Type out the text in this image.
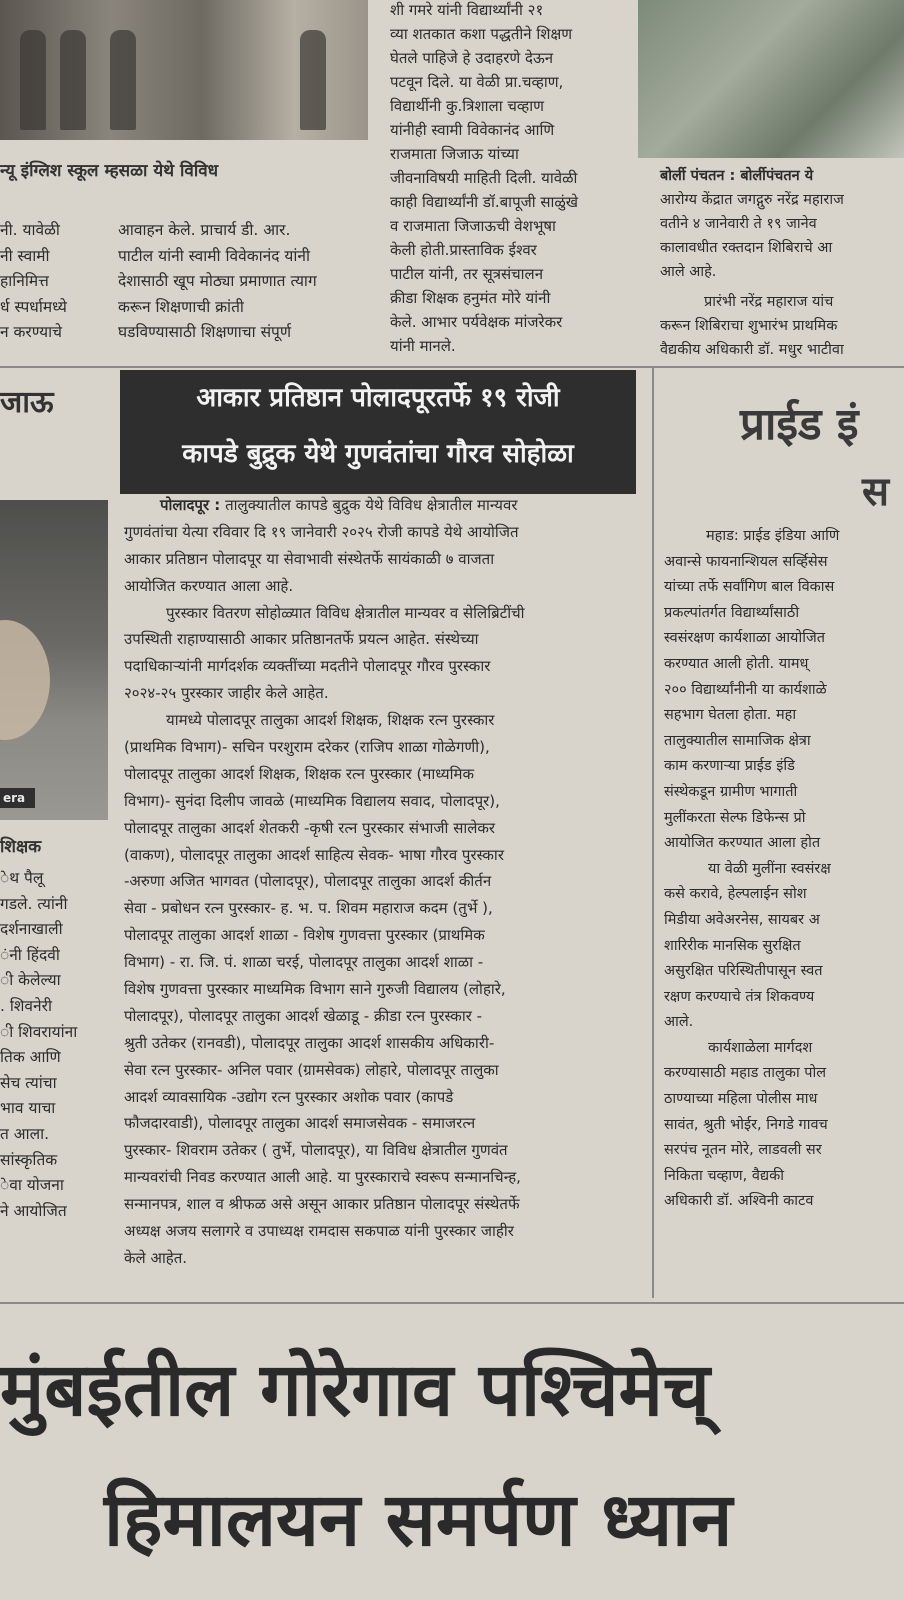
era
न्यू इंग्लिश स्कूल म्हसळा येथे विविध
नी. यावेळी
नी स्वामी
हानिमित्त
र्ध स्पर्धामध्ये
न करण्याचे
आवाहन केले. प्राचार्य डी. आर.
पाटील यांनी स्वामी विवेकानंद यांनी
देशासाठी खूप मोठ्या प्रमाणात त्याग
करून शिक्षणाची क्रांती
घडविण्यासाठी शिक्षणाचा संपूर्ण
शी गमरे यांनी विद्यार्थ्यांनी २१
व्या शतकात कशा पद्धतीने शिक्षण
घेतले पाहिजे हे उदाहरणे देऊन
पटवून दिले. या वेळी प्रा.चव्हाण,
विद्यार्थीनी कु.त्रिशाला चव्हाण
यांनीही स्वामी विवेकानंद आणि
राजमाता जिजाऊ यांच्या
जीवनाविषयी माहिती दिली. यावेळी
काही विद्यार्थ्यांनी डॉ.बापूजी साळुंखे
व राजमाता जिजाऊची वेशभूषा
केली होती.प्रास्ताविक ईश्वर
पाटील यांनी, तर सूत्रसंचालन
क्रीडा शिक्षक हनुमंत मोरे यांनी
केले. आभार पर्यवेक्षक मांजरेकर
यांनी मानले.
बोर्ली पंचतन : बोर्लीपंचतन ये
आरोग्य केंद्रात जगद्गुरु नरेंद्र महाराज
वतीने ४ जानेवारी ते १९ जानेव
कालावधीत रक्तदान शिबिराचे आ
आले आहे.
प्रारंभी नरेंद्र महाराज यांच
करून शिबिराचा शुभारंभ प्राथमिक
वैद्यकीय अधिकारी डॉ. मधुर भाटीवा
जाऊ
शिक्षक
ेथ पैलू
गडले. त्यांनी
दर्शनाखाली
ंनी हिंदवी
ी केलेल्या
. शिवनेरी
ी शिवरायांना
तिक आणि
सेच त्यांचा
भाव याचा
त आला.
सांस्कृतिक
ेवा योजना
ने आयोजित
आकार प्रतिष्ठान पोलादपूरतर्फे १९ रोजी
कापडे बुद्रुक येथे गुणवंतांचा गौरव सोहोळा
पोलादपूर : तालुक्यातील कापडे बुद्रुक येथे विविध क्षेत्रातील मान्यवर
गुणवंतांचा येत्या रविवार दि १९ जानेवारी २०२५ रोजी कापडे येथे आयोजित
आकार प्रतिष्ठान पोलादपूर या सेवाभावी संस्थेतर्फे सायंकाळी ७ वाजता
आयोजित करण्यात आला आहे.
पुरस्कार वितरण सोहोळ्यात विविध क्षेत्रातील मान्यवर व सेलिब्रिटींची
उपस्थिती राहाण्यासाठी आकार प्रतिष्ठानतर्फे प्रयत्न आहेत. संस्थेच्या
पदाधिकाऱ्यांनी मार्गदर्शक व्यक्तींच्या मदतीने पोलादपूर गौरव पुरस्कार
२०२४-२५ पुरस्कार जाहीर केले आहेत.
यामध्ये पोलादपूर तालुका आदर्श शिक्षक, शिक्षक रत्न पुरस्कार
(प्राथमिक विभाग)- सचिन परशुराम दरेकर (राजिप शाळा गोळेगणी),
पोलादपूर तालुका आदर्श शिक्षक, शिक्षक रत्न पुरस्कार (माध्यमिक
विभाग)- सुनंदा दिलीप जावळे (माध्यमिक विद्यालय सवाद, पोलादपूर),
पोलादपूर तालुका आदर्श शेतकरी -कृषी रत्न पुरस्कार संभाजी सालेकर
(वाकण), पोलादपूर तालुका आदर्श साहित्य सेवक- भाषा गौरव पुरस्कार
-अरुणा अजित भागवत (पोलादपूर), पोलादपूर तालुका आदर्श कीर्तन
सेवा - प्रबोधन रत्न पुरस्कार- ह. भ. प. शिवम महाराज कदम (तुर्भे ),
पोलादपूर तालुका आदर्श शाळा - विशेष गुणवत्ता पुरस्कार (प्राथमिक
विभाग) - रा. जि. पं. शाळा चरई, पोलादपूर तालुका आदर्श शाळा -
विशेष गुणवत्ता पुरस्कार माध्यमिक विभाग साने गुरुजी विद्यालय (लोहारे,
पोलादपूर), पोलादपूर तालुका आदर्श खेळाडू - क्रीडा रत्न पुरस्कार -
श्रुती उतेकर (रानवडी), पोलादपूर तालुका आदर्श शासकीय अधिकारी-
सेवा रत्न पुरस्कार- अनिल पवार (ग्रामसेवक) लोहारे, पोलादपूर तालुका
आदर्श व्यावसायिक -उद्योग रत्न पुरस्कार अशोक पवार (कापडे
फौजदारवाडी), पोलादपूर तालुका आदर्श समाजसेवक - समाजरत्न
पुरस्कार- शिवराम उतेकर ( तुर्भे, पोलादपूर), या विविध क्षेत्रातील गुणवंत
मान्यवरांची निवड करण्यात आली आहे. या पुरस्काराचे स्वरूप सन्मानचिन्ह,
सन्मानपत्र, शाल व श्रीफळ असे असून आकार प्रतिष्ठान पोलादपूर संस्थेतर्फे
अध्यक्ष अजय सलागरे व उपाध्यक्ष रामदास सकपाळ यांनी पुरस्कार जाहीर
केले आहेत.
प्राईड इं
स
महाड: प्राईड इंडिया आणि
अवान्से फायनान्शियल सर्व्हिसेस
यांच्या तर्फे सर्वांगिण बाल विकास
प्रकल्पांतर्गत विद्यार्थ्यांसाठी
स्वसंरक्षण कार्यशाळा आयोजित
करण्यात आली होती. यामध्
२०० विद्यार्थ्यांनीनी या कार्यशाळे
सहभाग घेतला होता. महा
तालुक्यातील सामाजिक क्षेत्रा
काम करणाऱ्या प्राईड इंडि
संस्थेकडून ग्रामीण भागाती
मुलींकरता सेल्फ डिफेन्स प्रो
आयोजित करण्यात आला होत
या वेळी मुलींना स्वसंरक्ष
कसे करावे, हेल्पलाईन सोश
मिडीया अवेअरनेस, सायबर अ
शारिरीक मानसिक सुरक्षित
असुरक्षित परिस्थितीपासून स्वत
रक्षण करण्याचे तंत्र शिकवण्य
आले.
कार्यशाळेला मार्गदश
करण्यासाठी महाड तालुका पोल
ठाण्याच्या महिला पोलीस माध
सावंत, श्रुती भोईर, निगडे गावच
सरपंच नूतन मोरे, लाडवली सर
निकिता चव्हाण, वैद्यकी
अधिकारी डॉ. अश्विनी काटव
मुंबईतील गोरेगाव पश्चिमेच्
हिमालयन समर्पण ध्यान
